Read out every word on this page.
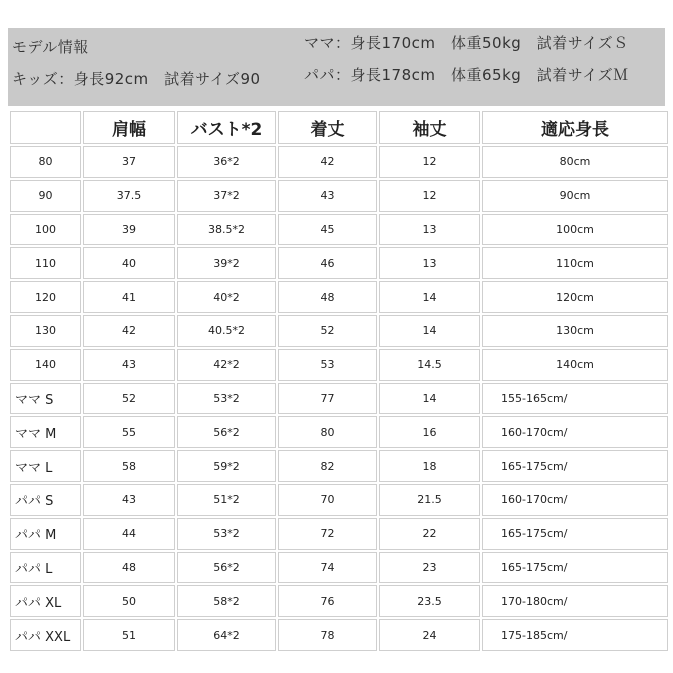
モデル情報
キッズ：身長92cm　試着サイズ90
ママ：身長170cm　体重50kg　試着サイズＳ
パパ：身長178cm　体重65kg　試着サイズＭ
	肩幅	バスト*2	着丈	袖丈	適応身長
80	37	36*2	42	12	80cm
90	37.5	37*2	43	12	90cm
100	39	38.5*2	45	13	100cm
110	40	39*2	46	13	110cm
120	41	40*2	48	14	120cm
130	42	40.5*2	52	14	130cm
140	43	42*2	53	14.5	140cm
ママ S	52	53*2	77	14	155-165cm/
ママ M	55	56*2	80	16	160-170cm/
ママ L	58	59*2	82	18	165-175cm/
パパ S	43	51*2	70	21.5	160-170cm/
パパ M	44	53*2	72	22	165-175cm/
パパ L	48	56*2	74	23	165-175cm/
パパ XL	50	58*2	76	23.5	170-180cm/
パパ XXL	51	64*2	78	24	175-185cm/
